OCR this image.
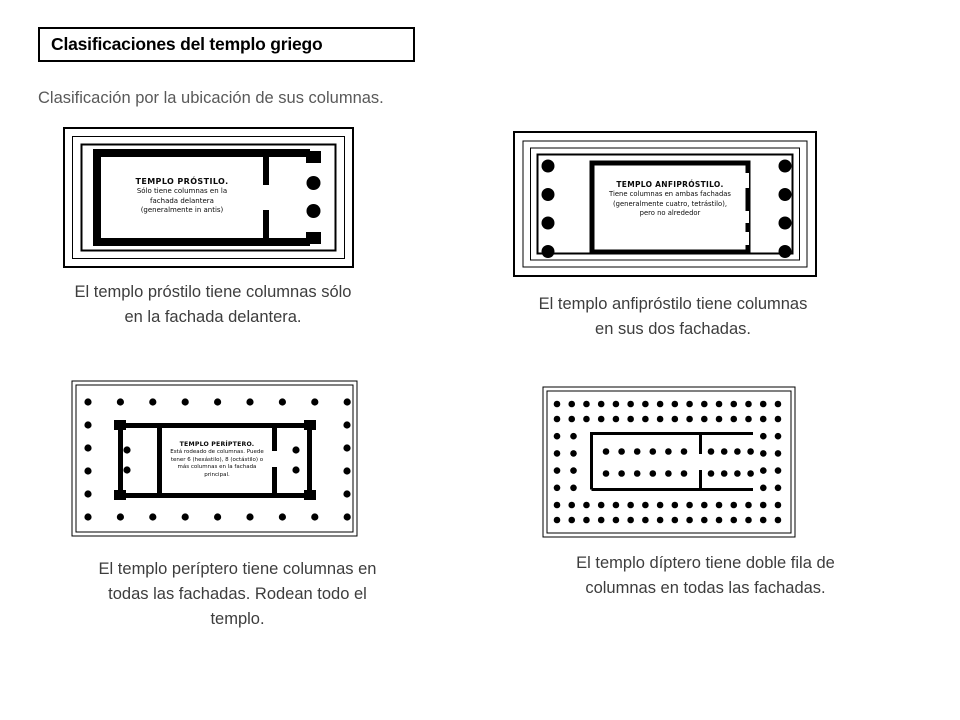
Clasificaciones del templo griego
Clasificación por la ubicación de sus columnas.
TEMPLO PRÓSTILO.
Sólo tiene columnas en la
fachada delantera
(generalmente in antis)
El templo próstilo tiene columnas sólo
en la fachada delantera.
TEMPLO ANFIPRÓSTILO.
Tiene columnas en ambas fachadas
(generalmente cuatro, tetrástilo),
pero no alrededor
El templo anfipróstilo tiene columnas
en sus dos fachadas.
TEMPLO PERÍPTERO.
Está rodeado de columnas. Puede
tener 6 (hexástilo), 8 (octástilo) o
más columnas en la fachada
principal.
El templo períptero tiene columnas en
todas las fachadas. Rodean todo el
templo.
El templo díptero tiene doble fila de
columnas en todas las fachadas.
